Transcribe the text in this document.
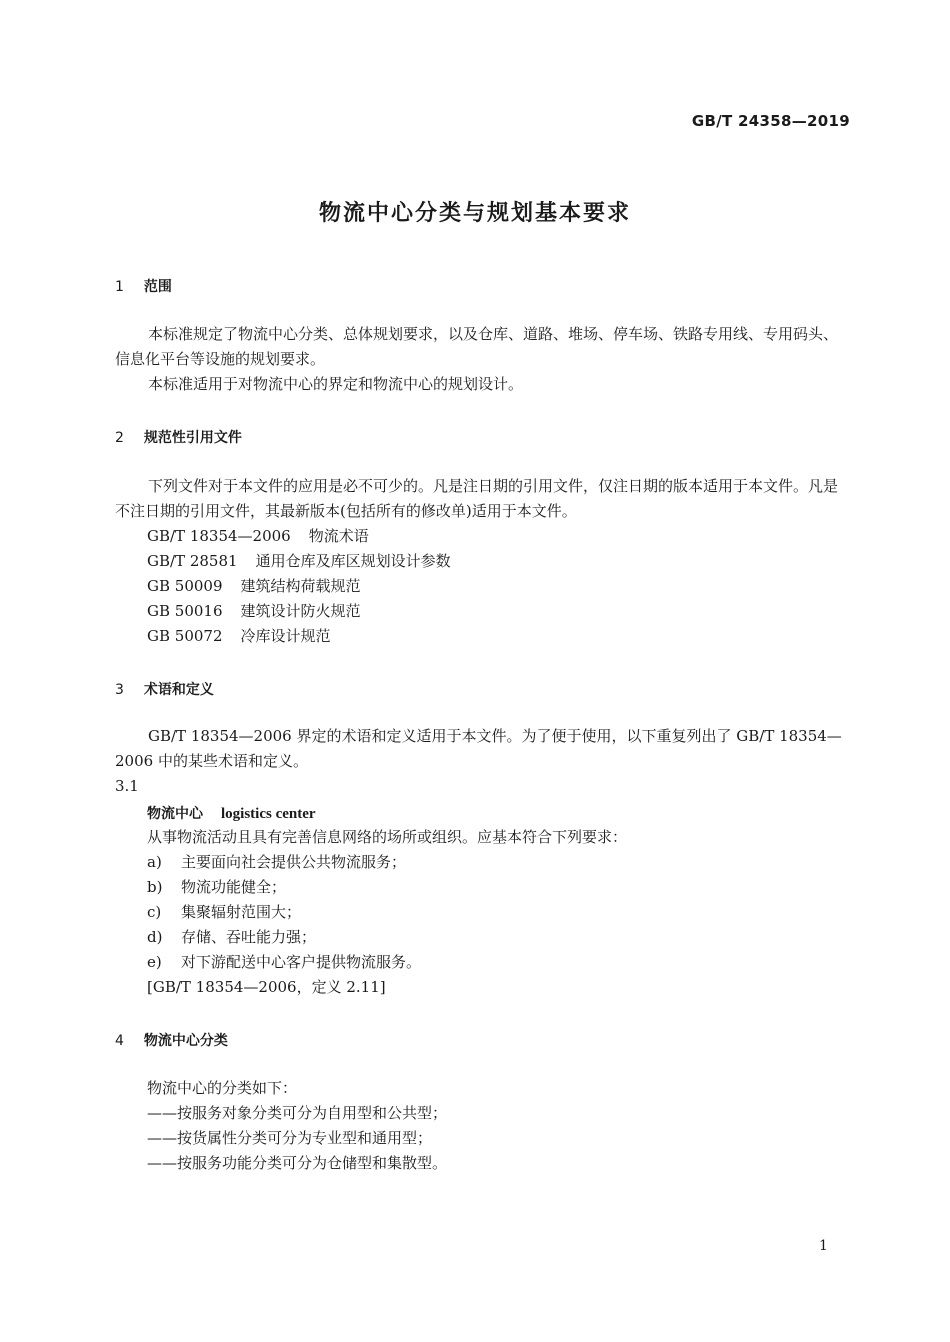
GB/T 24358—2019
物流中心分类与规划基本要求
1 范围
本标准规定了物流中心分类、总体规划要求，以及仓库、道路、堆场、停车场、铁路专用线、专用码头、信息化平台等设施的规划要求。
本标准适用于对物流中心的界定和物流中心的规划设计。
2 规范性引用文件
下列文件对于本文件的应用是必不可少的。凡是注日期的引用文件，仅注日期的版本适用于本文件。凡是不注日期的引用文件，其最新版本(包括所有的修改单)适用于本文件。
GB/T 18354—2006 物流术语
GB/T 28581 通用仓库及库区规划设计参数
GB 50009 建筑结构荷载规范
GB 50016 建筑设计防火规范
GB 50072 冷库设计规范
3 术语和定义
GB/T 18354—2006 界定的术语和定义适用于本文件。为了便于使用，以下重复列出了 GB/T 18354—2006 中的某些术语和定义。
3.1
物流中心 logistics center
从事物流活动且具有完善信息网络的场所或组织。应基本符合下列要求：
a) 主要面向社会提供公共物流服务；
b) 物流功能健全；
c) 集聚辐射范围大；
d) 存储、吞吐能力强；
e) 对下游配送中心客户提供物流服务。
[GB/T 18354—2006，定义 2.11]
4 物流中心分类
物流中心的分类如下：
——按服务对象分类可分为自用型和公共型；
——按货属性分类可分为专业型和通用型；
——按服务功能分类可分为仓储型和集散型。
1
